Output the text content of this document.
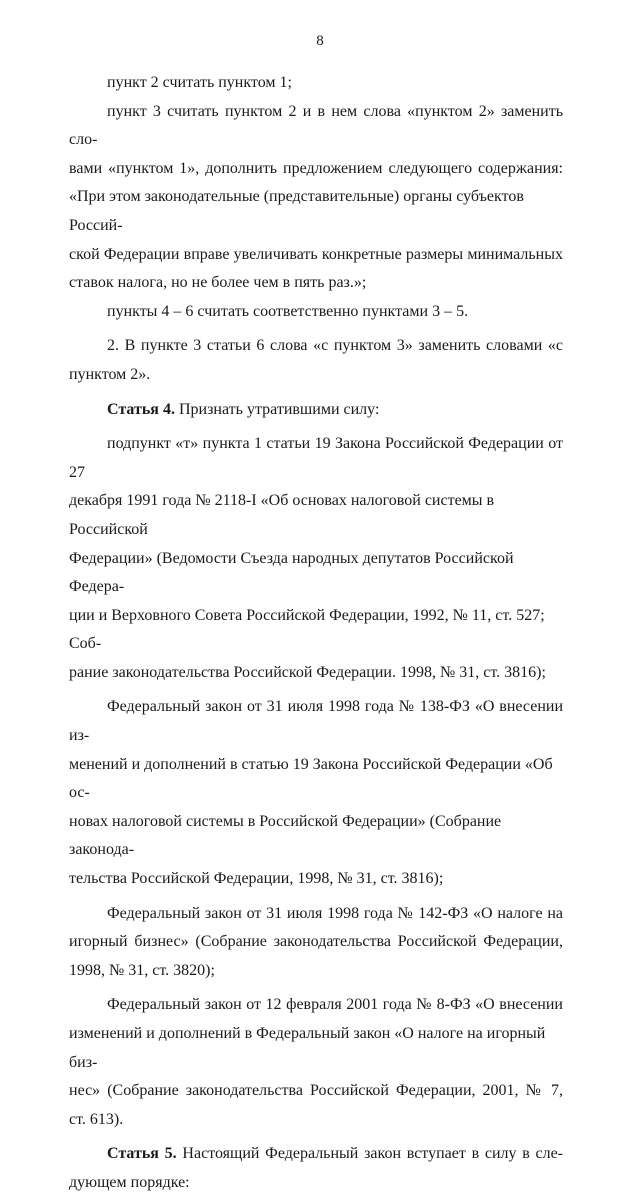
8

пункт 2 считать пунктом 1;

пункт 3 считать пунктом 2 и в нем слова «пунктом 2» заменить сло-

вами «пунктом 1», дополнить предложением следующего содержания:

«При этом законодательные (представительные) органы субъектов Россий-

ской Федерации вправе увеличивать конкретные размеры минимальных

ставок налога, но не более чем в пять раз.»;

пункты 4 – 6 считать соответственно пунктами 3 – 5.

2. В пункте 3 статьи 6 слова «с пунктом 3» заменить словами «с

пунктом 2».

Статья 4. Признать утратившими силу:

подпункт «т» пункта 1 статьи 19 Закона Российской Федерации от 27

декабря 1991 года № 2118-I «Об основах налоговой системы в Российской

Федерации» (Ведомости Съезда народных депутатов Российской Федера-

ции и Верховного Совета Российской Федерации, 1992, № 11, ст. 527; Соб-

рание законодательства Российской Федерации. 1998, № 31, ст. 3816);

Федеральный закон от 31 июля 1998 года № 138-ФЗ «О внесении из-

менений и дополнений в статью 19 Закона Российской Федерации «Об ос-

новах налоговой системы в Российской Федерации» (Собрание законода-

тельства Российской Федерации, 1998, № 31, ст. 3816);

Федеральный закон от 31 июля 1998 года № 142-ФЗ «О налоге на

игорный бизнес» (Собрание законодательства Российской Федерации,

1998, № 31, ст. 3820);

Федеральный закон от 12 февраля 2001 года № 8-ФЗ «О внесении

изменений и дополнений в Федеральный закон «О налоге на игорный биз-

нес» (Собрание законодательства Российской Федерации, 2001, № 7,

ст. 613).

Статья 5. Настоящий Федеральный закон вступает в силу в сле-

дующем порядке:
